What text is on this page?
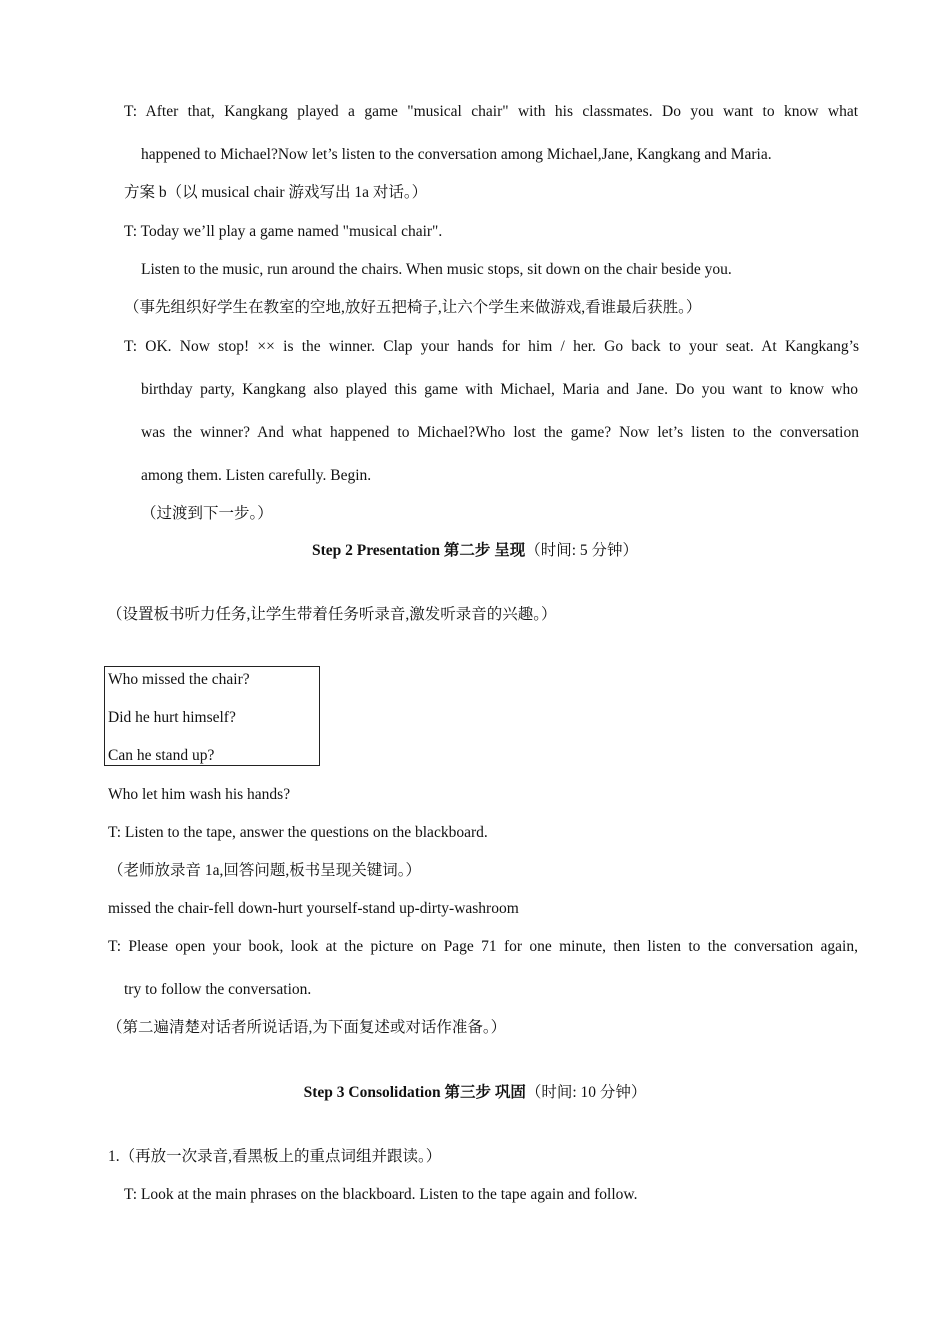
T: After that, Kangkang played a game "musical chair" with his classmates. Do you want to know what
happened to Michael?Now let’s listen to the conversation among Michael,Jane, Kangkang and Maria.
方案 b（以 musical chair 游戏写出 1a 对话。）
T: Today we’ll play a game named "musical chair".
Listen to the music, run around the chairs. When music stops, sit down on the chair beside you.
（事先组织好学生在教室的空地,放好五把椅子,让六个学生来做游戏,看谁最后获胜。）
T: OK. Now stop! ×× is the winner. Clap your hands for him / her. Go back to your seat. At Kangkang’s
birthday party, Kangkang also played this game with Michael, Maria and Jane. Do you want to know who
was the winner? And what happened to Michael?Who lost the game? Now let’s listen to the conversation
among them. Listen carefully. Begin.
（过渡到下一步。）
Step 2 Presentation 第二步 呈现（时间: 5 分钟）
（设置板书听力任务,让学生带着任务听录音,激发听录音的兴趣。）
Who missed the chair?
Did he hurt himself?
Can he stand up?
Who let him wash his hands?
T: Listen to the tape, answer the questions on the blackboard.
（老师放录音 1a,回答问题,板书呈现关键词。）
missed the chair-fell down-hurt yourself-stand up-dirty-washroom
T: Please open your book, look at the picture on Page 71 for one minute, then listen to the conversation again,
try to follow the conversation.
（第二遍清楚对话者所说话语,为下面复述或对话作准备。）
Step 3 Consolidation 第三步 巩固（时间: 10 分钟）
1.（再放一次录音,看黑板上的重点词组并跟读。）
T: Look at the main phrases on the blackboard. Listen to the tape again and follow.
